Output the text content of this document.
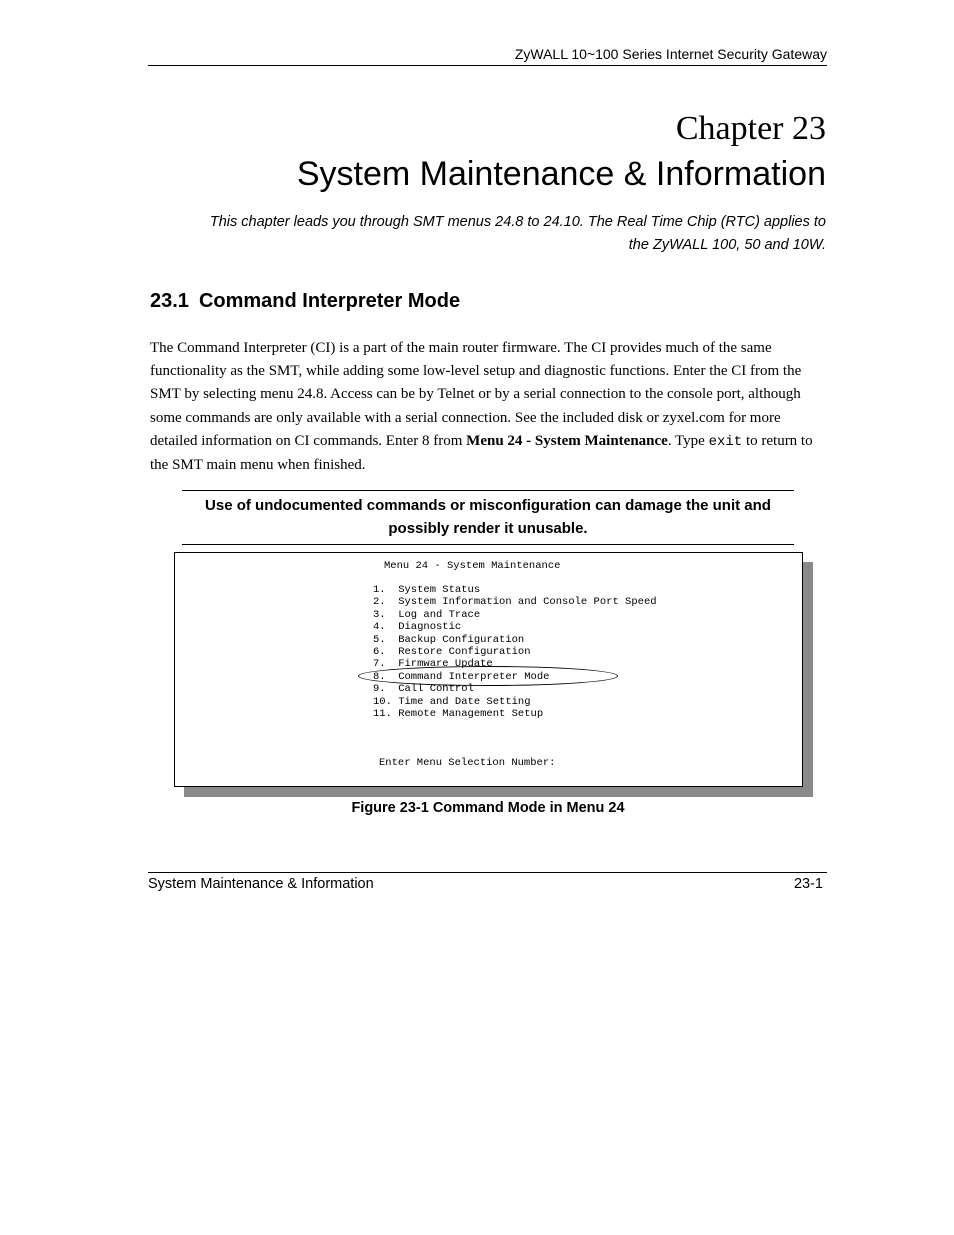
ZyWALL 10~100 Series Internet Security Gateway
Chapter 23
System Maintenance & Information
This chapter leads you through SMT menus 24.8 to 24.10. The Real Time Chip (RTC) applies to
the ZyWALL 100, 50 and 10W.
23.1 Command Interpreter Mode
The Command Interpreter (CI) is a part of the main router firmware. The CI provides much of the same functionality as the SMT, while adding some low-level setup and diagnostic functions. Enter the CI from the SMT by selecting menu 24.8. Access can be by Telnet or by a serial connection to the console port, although some commands are only available with a serial connection. See the included disk or zyxel.com for more detailed information on CI commands. Enter 8 from Menu 24 - System Maintenance. Type exit to return to the SMT main menu when finished.
Use of undocumented commands or misconfiguration can damage the unit and
possibly render it unusable.
Menu 24 - System Maintenance
1.  System Status
2.  System Information and Console Port Speed
3.  Log and Trace
4.  Diagnostic
5.  Backup Configuration
6.  Restore Configuration
7.  Firmware Update
8.  Command Interpreter Mode
9.  Call Control
10. Time and Date Setting
11. Remote Management Setup
Enter Menu Selection Number:
Figure 23-1 Command Mode in Menu 24
System Maintenance & Information	23-1
